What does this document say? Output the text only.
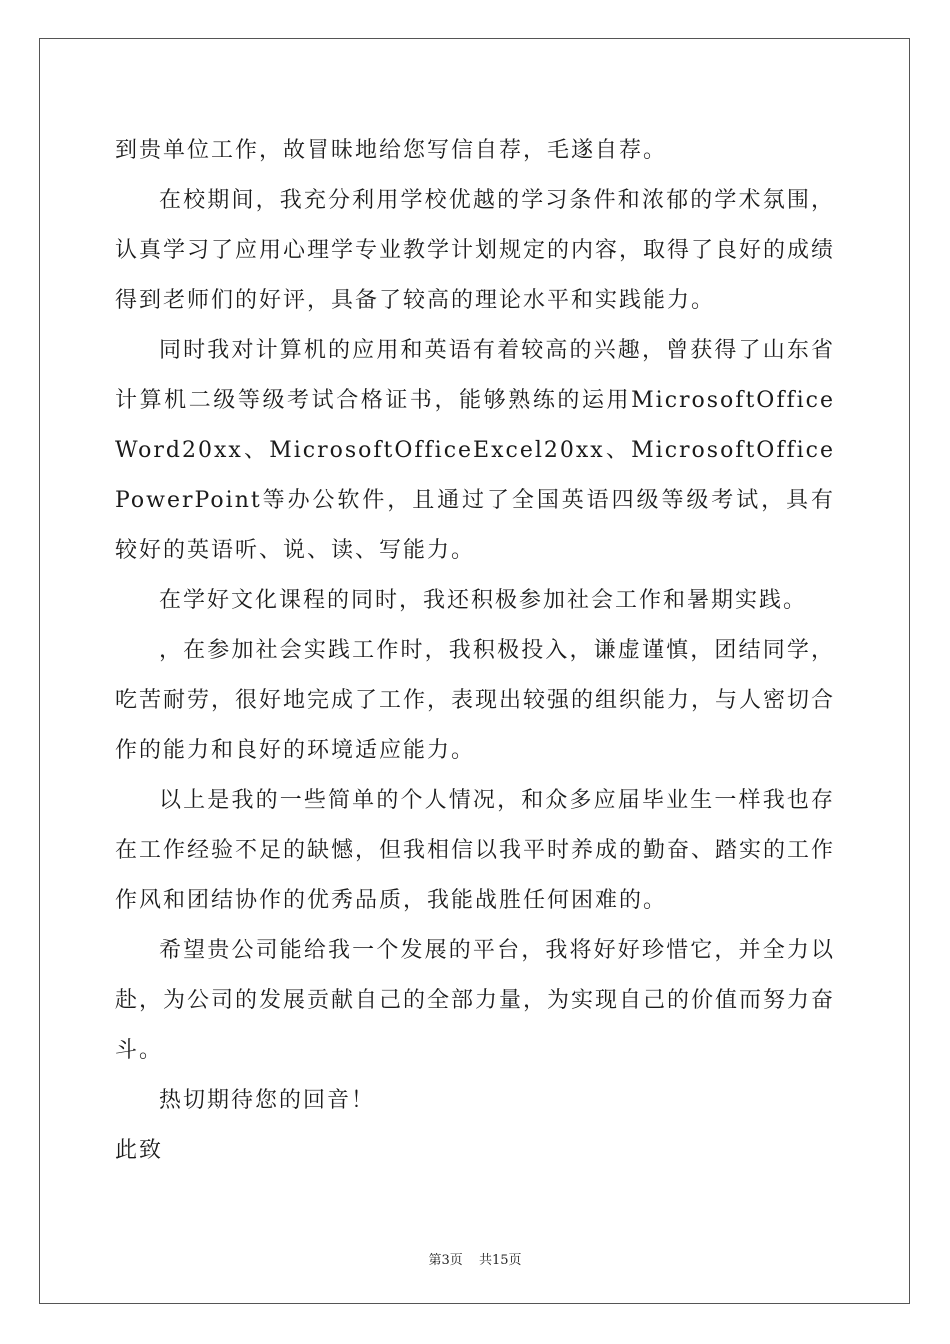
到贵单位工作，故冒昧地给您写信自荐，毛遂自荐。

在校期间，我充分利用学校优越的学习条件和浓郁的学术氛围，认真学习了应用心理学专业教学计划规定的内容，取得了良好的成绩得到老师们的好评，具备了较高的理论水平和实践能力。

同时我对计算机的应用和英语有着较高的兴趣，曾获得了山东省计算机二级等级考试合格证书，能够熟练的运用MicrosoftOfficeWord20xx、MicrosoftOfficeExcel20xx、MicrosoftOfficePowerPoint等办公软件，且通过了全国英语四级等级考试，具有较好的英语听、说、读、写能力。

在学好文化课程的同时，我还积极参加社会工作和暑期实践。

，在参加社会实践工作时，我积极投入，谦虚谨慎，团结同学，吃苦耐劳，很好地完成了工作，表现出较强的组织能力，与人密切合作的能力和良好的环境适应能力。

以上是我的一些简单的个人情况，和众多应届毕业生一样我也存在工作经验不足的缺憾，但我相信以我平时养成的勤奋、踏实的工作作风和团结协作的优秀品质，我能战胜任何困难的。

希望贵公司能给我一个发展的平台，我将好好珍惜它，并全力以赴，为公司的发展贡献自己的全部力量，为实现自己的价值而努力奋斗。

热切期待您的回音！

此致

第3页 共15页
